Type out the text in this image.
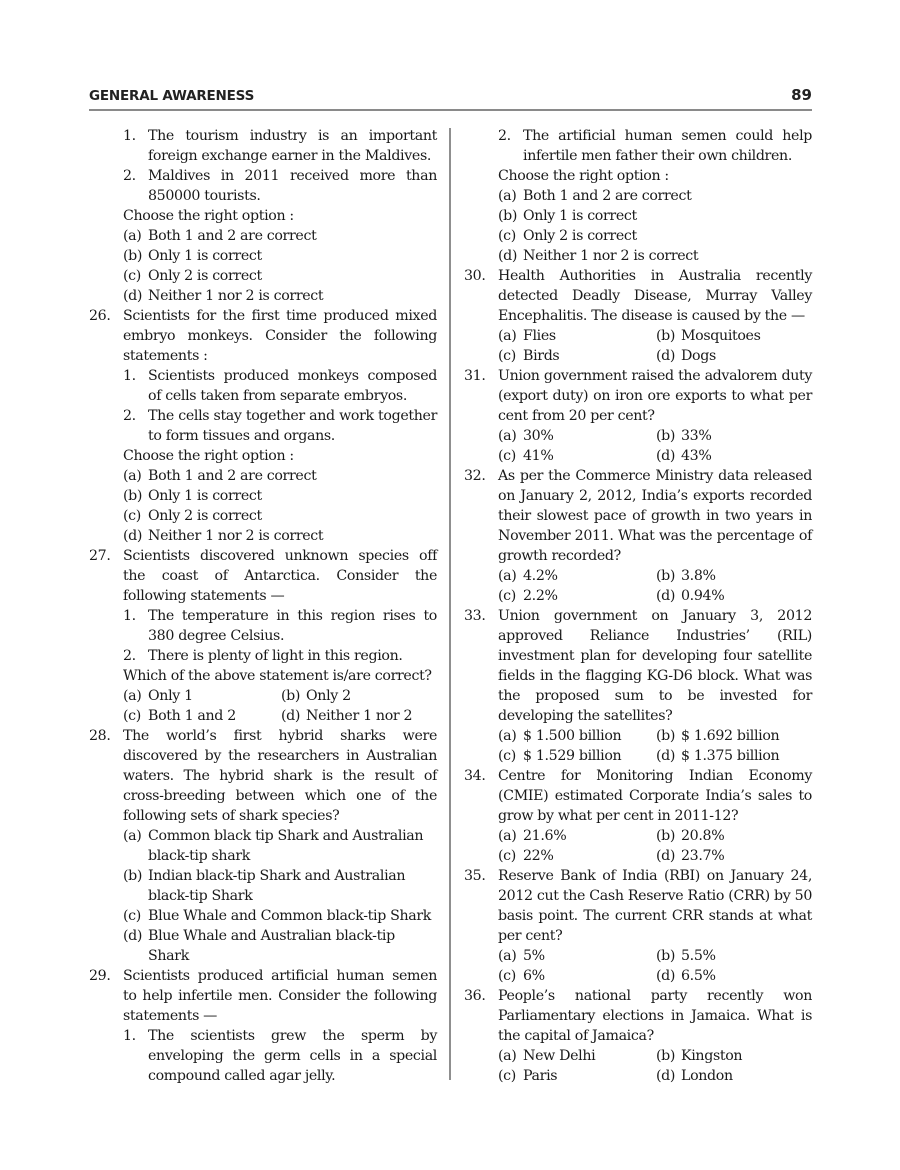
GENERAL AWARENESS	89
1. The tourism industry is an important foreign exchange earner in the Maldives.
2. Maldives in 2011 received more than 850000 tourists.
Choose the right option :
(a) Both 1 and 2 are correct
(b) Only 1 is correct
(c) Only 2 is correct
(d) Neither 1 nor 2 is correct
26. Scientists for the first time produced mixed embryo monkeys. Consider the following statements :
1. Scientists produced monkeys composed of cells taken from separate embryos.
2. The cells stay together and work together to form tissues and organs.
Choose the right option :
(a) Both 1 and 2 are correct
(b) Only 1 is correct
(c) Only 2 is correct
(d) Neither 1 nor 2 is correct
27. Scientists discovered unknown species off the coast of Antarctica. Consider the following statements —
1. The temperature in this region rises to 380 degree Celsius.
2. There is plenty of light in this region.
Which of the above statement is/are correct?
(a) Only 1	(b) Only 2
(c) Both 1 and 2	(d) Neither 1 nor 2
28. The world’s first hybrid sharks were discovered by the researchers in Australian waters. The hybrid shark is the result of cross-breeding between which one of the following sets of shark species?
(a) Common black tip Shark and Australian black-tip shark
(b) Indian black-tip Shark and Australian black-tip Shark
(c) Blue Whale and Common black-tip Shark
(d) Blue Whale and Australian black-tip Shark
29. Scientists produced artificial human semen to help infertile men. Consider the following statements —
1. The scientists grew the sperm by enveloping the germ cells in a special compound called agar jelly.
2. The artificial human semen could help infertile men father their own children.
Choose the right option :
(a) Both 1 and 2 are correct
(b) Only 1 is correct
(c) Only 2 is correct
(d) Neither 1 nor 2 is correct
30. Health Authorities in Australia recently detected Deadly Disease, Murray Valley Encephalitis. The disease is caused by the —
(a) Flies	(b) Mosquitoes
(c) Birds	(d) Dogs
31. Union government raised the advalorem duty (export duty) on iron ore exports to what per cent from 20 per cent?
(a) 30%	(b) 33%
(c) 41%	(d) 43%
32. As per the Commerce Ministry data released on January 2, 2012, India’s exports recorded their slowest pace of growth in two years in November 2011. What was the percentage of growth recorded?
(a) 4.2%	(b) 3.8%
(c) 2.2%	(d) 0.94%
33. Union government on January 3, 2012 approved Reliance Industries’ (RIL) investment plan for developing four satellite fields in the flagging KG-D6 block. What was the proposed sum to be invested for developing the satellites?
(a) $ 1.500 billion	(b) $ 1.692 billion
(c) $ 1.529 billion	(d) $ 1.375 billion
34. Centre for Monitoring Indian Economy (CMIE) estimated Corporate India’s sales to grow by what per cent in 2011-12?
(a) 21.6%	(b) 20.8%
(c) 22%	(d) 23.7%
35. Reserve Bank of India (RBI) on January 24, 2012 cut the Cash Reserve Ratio (CRR) by 50 basis point. The current CRR stands at what per cent?
(a) 5%	(b) 5.5%
(c) 6%	(d) 6.5%
36. People’s national party recently won Parliamentary elections in Jamaica. What is the capital of Jamaica?
(a) New Delhi	(b) Kingston
(c) Paris	(d) London
